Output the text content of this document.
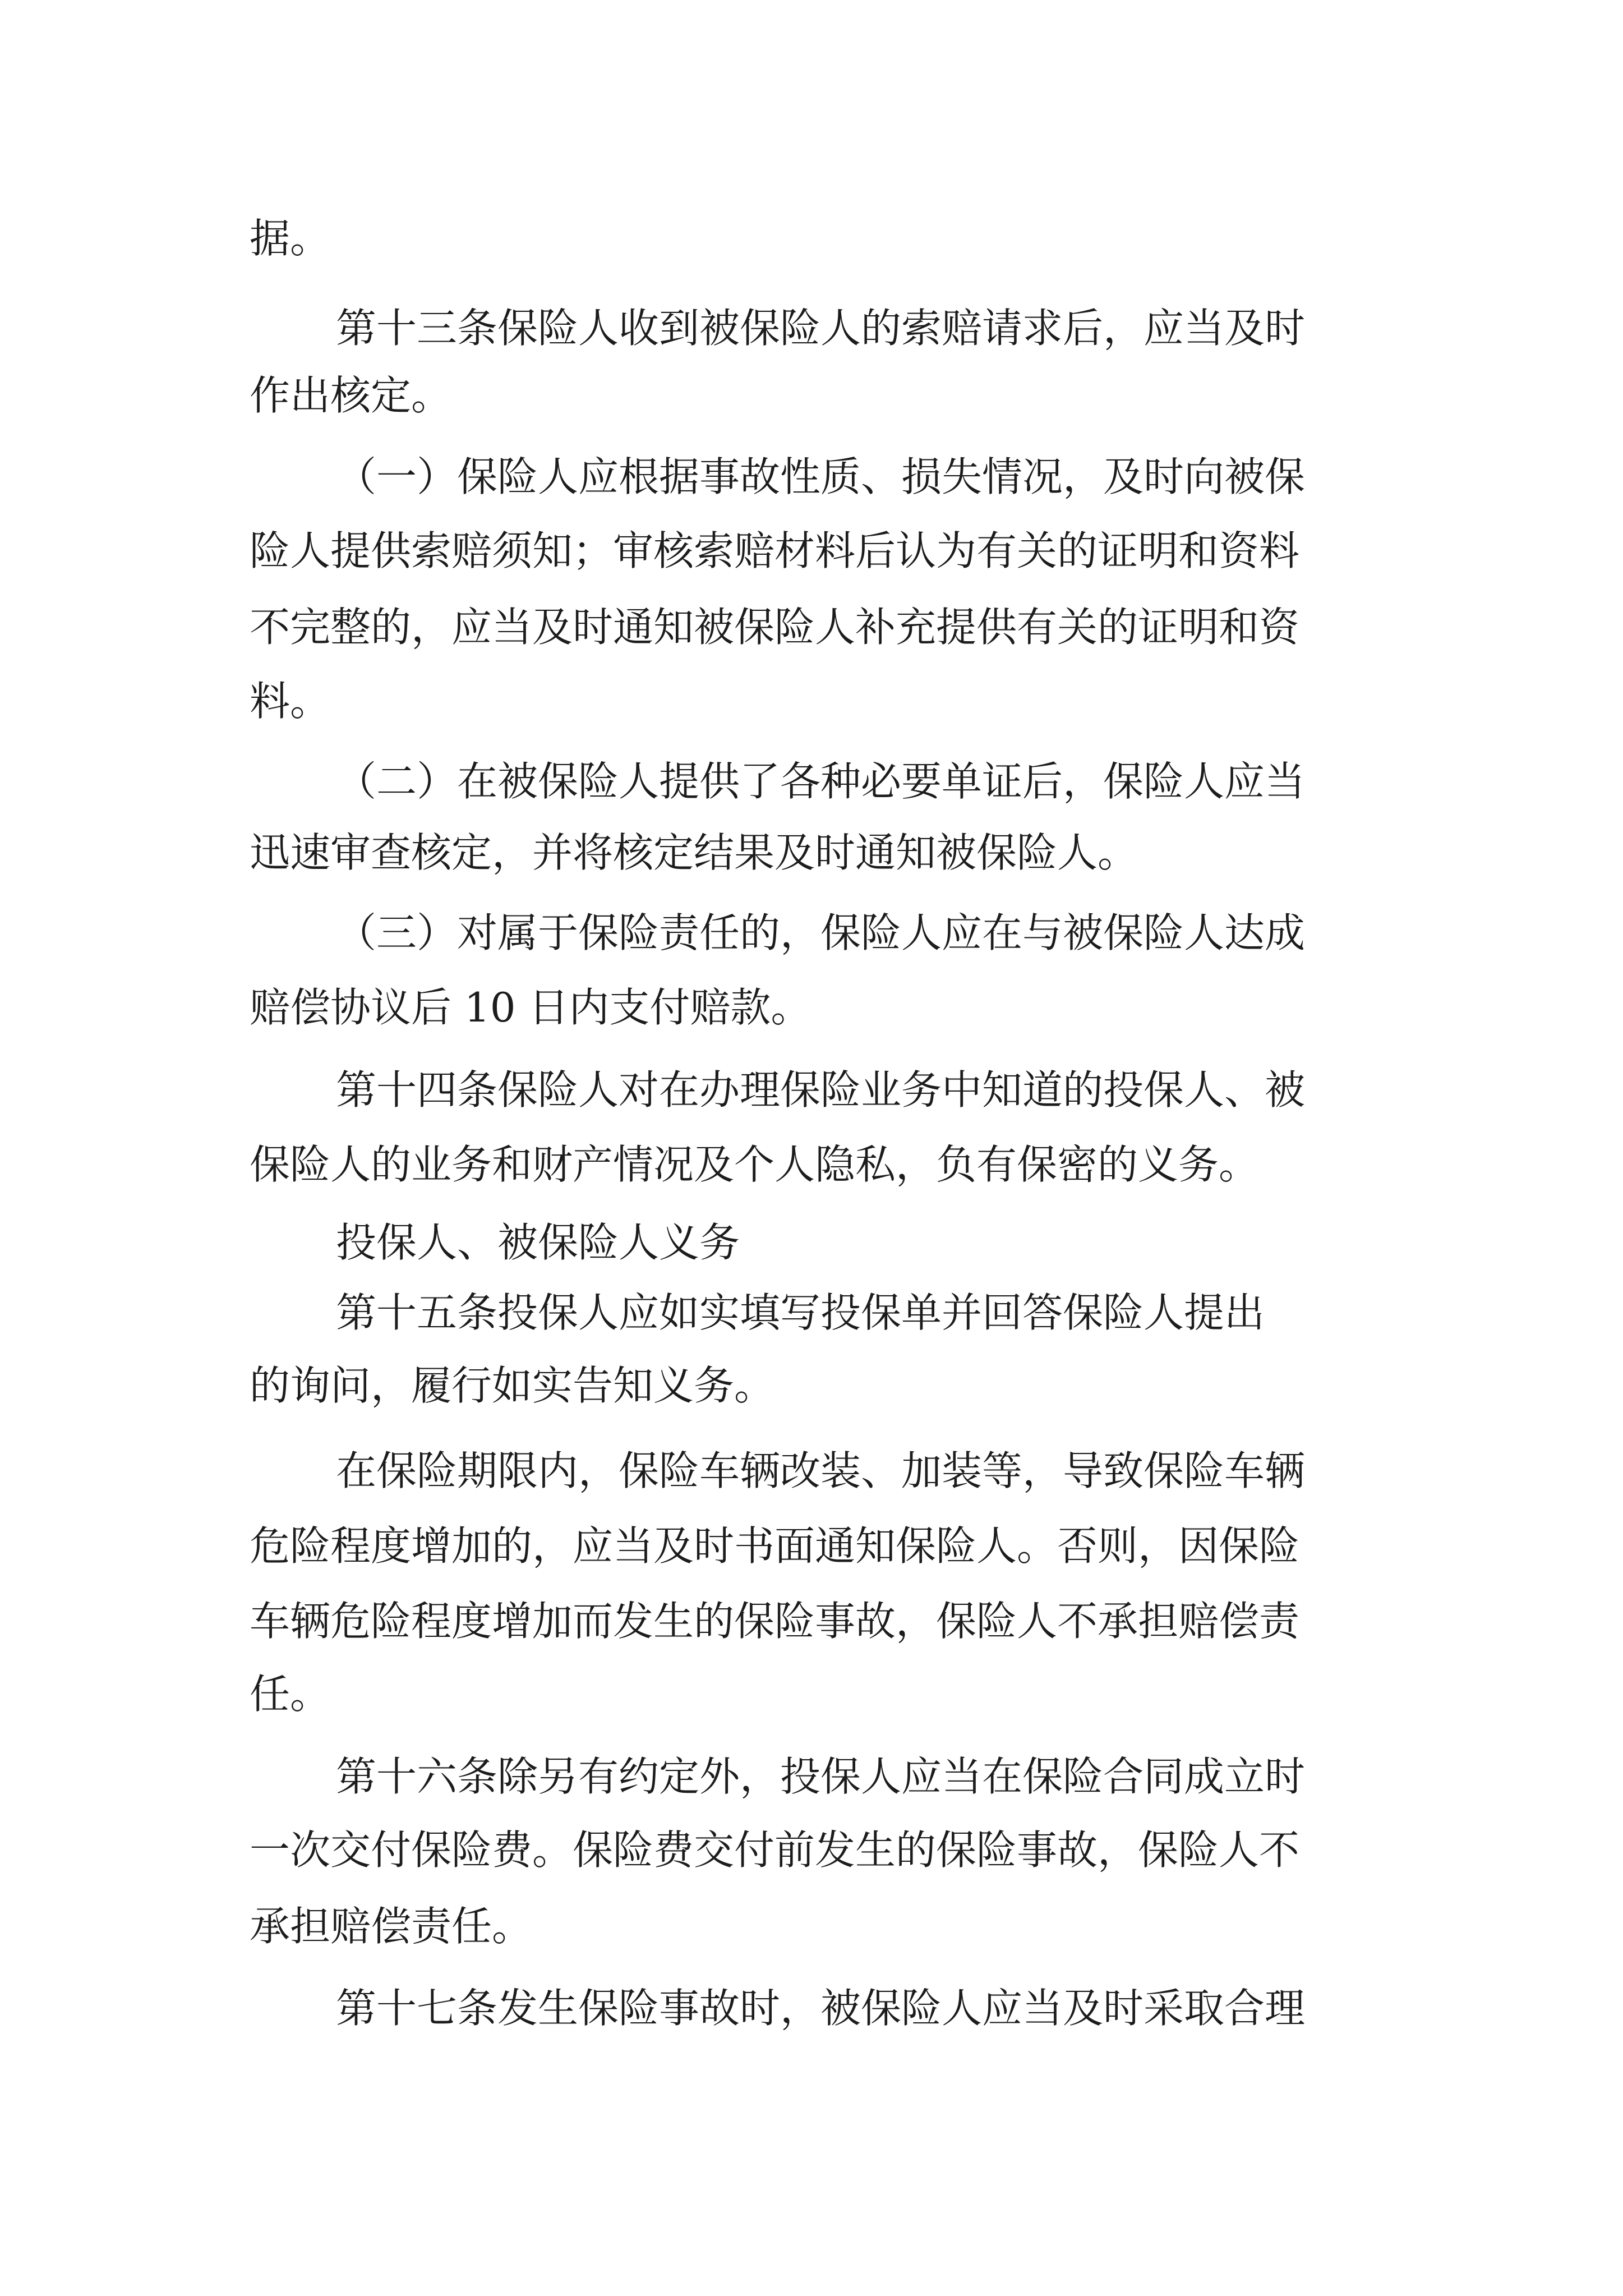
据。
第十三条保险人收到被保险人的索赔请求后，应当及时
作出核定。
（一）保险人应根据事故性质、损失情况，及时向被保
险人提供索赔须知；审核索赔材料后认为有关的证明和资料
不完整的，应当及时通知被保险人补充提供有关的证明和资
料。
（二）在被保险人提供了各种必要单证后，保险人应当
迅速审查核定，并将核定结果及时通知被保险人。
（三）对属于保险责任的，保险人应在与被保险人达成
赔偿协议后 10 日内支付赔款。
第十四条保险人对在办理保险业务中知道的投保人、被
保险人的业务和财产情况及个人隐私，负有保密的义务。
投保人、被保险人义务
第十五条投保人应如实填写投保单并回答保险人提出
的询问，履行如实告知义务。
在保险期限内，保险车辆改装、加装等，导致保险车辆
危险程度增加的，应当及时书面通知保险人。否则，因保险
车辆危险程度增加而发生的保险事故，保险人不承担赔偿责
任。
第十六条除另有约定外，投保人应当在保险合同成立时
一次交付保险费。保险费交付前发生的保险事故，保险人不
承担赔偿责任。
第十七条发生保险事故时，被保险人应当及时采取合理
